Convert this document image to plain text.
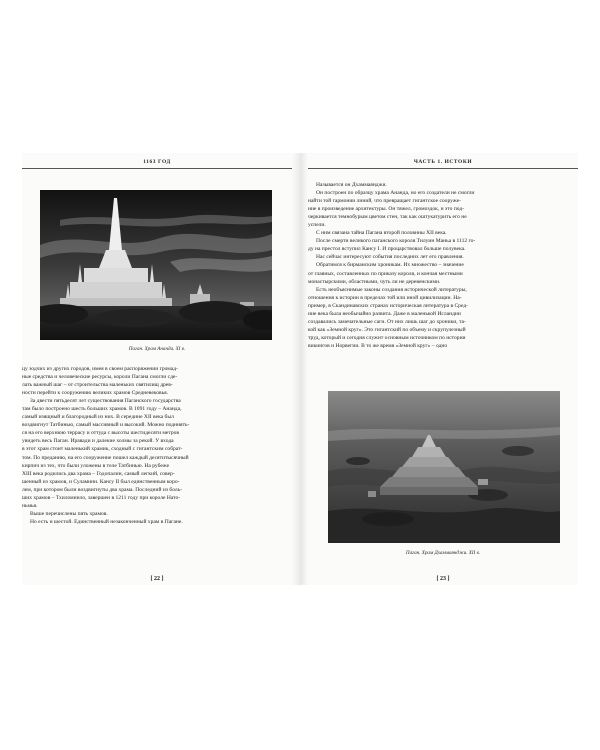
1163 ГОД
Паган. Храм Ананда. XI в.
цу зодчих из других городов, имея в своем распоряжении громад-
ные средства и человеческие ресурсы, короли Пагана смогли сде-
лать важный шаг – от строительства маленьких святилищ древ-
ности перейти к сооружению великих храмов Средневековья.
За двести пятьдесят лет существования Паганского государства
там было построено шесть больших храмов. В 1091 году – Ананда,
самый изящный и благородный из них. В середине XII века был
воздвигнут Татбинью, самый массивный и высокий. Можно подннять-
ся на его верхнюю террасу и оттуда с высоты шестидесяти метров
увидеть весь Паган. Иравади и далекие холмы за рекой. У входа
в этот храм стоит маленький храмик, сходный с гигантским собрат-
том. По преданию, на его сооружение пошел каждый десятитысячный
кирпич из тех, что были уложены в теле Татбинью. На рубеже
XIII века родились два храма – Годопалин, самый легкий, совер-
шенный из храмов, и Суламини. Кансу II был единственным коро-
лем, при котором были воздвигнуты два храма. Последний из боль-
ших храмов – Тхиломинло, завершен в 1211 году при короле Нато-
ньмья.
Выше перечислены пять храмов.
Но есть и шестой. Единственный незаконченный храм в Пагане.
[ 22 ]
ЧАСТЬ 1. ИСТОКИ
Называется он Дхаммаянджи.
Он построен по образцу храма Ананда, но его создатели не смогли
найти той гармонии линий, что превращает гигантское сооруже-
ние в произведение архитектуры. Он тяжел, громоздок, и это под-
черкивается темнобурым цветом стен, так как оштукатурить его не
успели.
С ним связана тайна Пагана второй половины XII века.
После смерти великого паганского короля Тилуин Маньа в 1112 го-
ду на престол вступил Кансу I. И процарствовал больше полувека.
Нас сейчас интересуют события последних лет его правления.
Обратимся к бирманским хроникам. Их множество – значение
от главных, составленных по приказу короля, и кончая местными
монастырскими, областными, чуть ли не деревенскими.
Есть необъяснимые законы создания исторической литературы,
отношения к истории в пределах той или иной цивилизации. На-
пример, в Скандинавских странах историческая литература в Сред-
ние века была необычайно развита. Даже в маленькой Исландии
создавались замечательные саги. От них лишь шаг до хроники, та-
кой как «Земной круг». Это гигантский по объему и скрупулезный
труд, который и сегодня служит основным источником по истории
викингов и Норвегии. В то же время «Земной круг» – одно
Паган. Храм Дхаммаянджи. XII в.
[ 23 ]
